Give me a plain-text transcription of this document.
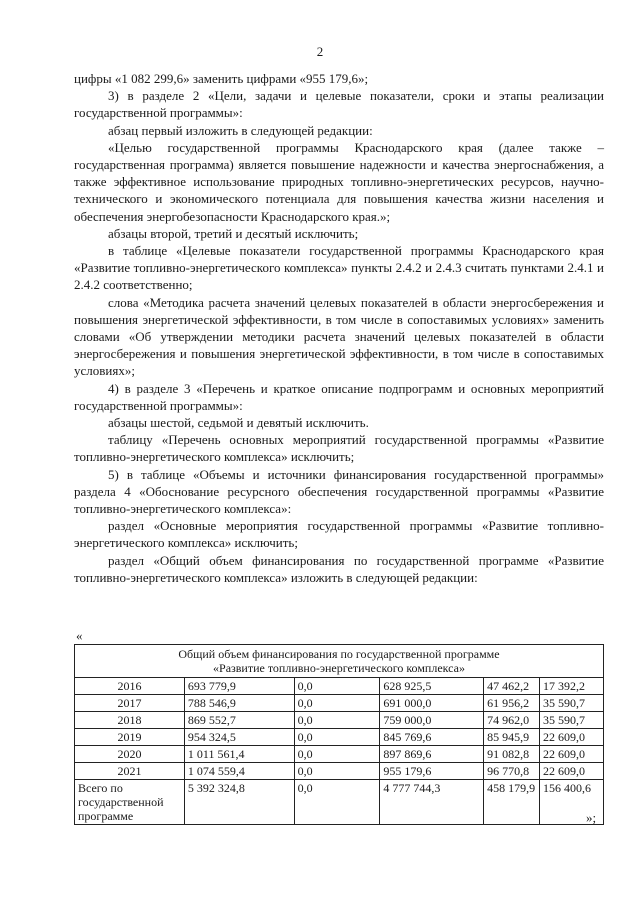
2

цифры «1 082 299,6» заменить цифрами «955 179,6»;

3) в разделе 2 «Цели, задачи и целевые показатели, сроки и этапы реализации государственной программы»:

абзац первый изложить в следующей редакции:

«Целью государственной программы Краснодарского края (далее также – государственная программа) является повышение надежности и качества энергоснабжения, а также эффективное использование природных топливно-энергетических ресурсов, научно-технического и экономического потенциала для повышения качества жизни населения и обеспечения энергобезопасности Краснодарского края.»;

абзацы второй, третий и десятый исключить;

в таблице «Целевые показатели государственной программы Краснодарского края «Развитие топливно-энергетического комплекса» пункты 2.4.2 и 2.4.3 считать пунктами 2.4.1 и 2.4.2 соответственно;

слова «Методика расчета значений целевых показателей в области энергосбережения и повышения энергетической эффективности, в том числе в сопоставимых условиях» заменить словами «Об утверждении методики расчета значений целевых показателей в области энергосбережения и повышения энергетической эффективности, в том числе в сопоставимых условиях»;

4) в разделе 3 «Перечень и краткое описание подпрограмм и основных мероприятий государственной программы»:

абзацы шестой, седьмой и девятый исключить.

таблицу «Перечень основных мероприятий государственной программы «Развитие топливно-энергетического комплекса» исключить;

5) в таблице «Объемы и источники финансирования государственной программы» раздела 4 «Обоснование ресурсного обеспечения государственной программы «Развитие топливно-энергетического комплекса»:

раздел «Основные мероприятия государственной программы «Развитие топливно-энергетического комплекса» исключить;

раздел «Общий объем финансирования по государственной программе «Развитие топливно-энергетического комплекса» изложить в следующей редакции:

«
Общий объем финансирования по государственной программе
«Развитие топливно-энергетического комплекса»					

2016	693 779,9	0,0	628 925,5	47 462,2	17 392,2
2017	788 546,9	0,0	691 000,0	61 956,2	35 590,7
2018	869 552,7	0,0	759 000,0	74 962,0	35 590,7
2019	954 324,5	0,0	845 769,6	85 945,9	22 609,0
2020	1 011 561,4	0,0	897 869,6	91 082,8	22 609,0
2021	1 074 559,4	0,0	955 179,6	96 770,8	22 609,0
Всего по государственной программе	5 392 324,8	0,0	4 777 744,3	458 179,9	156 400,6
»;
